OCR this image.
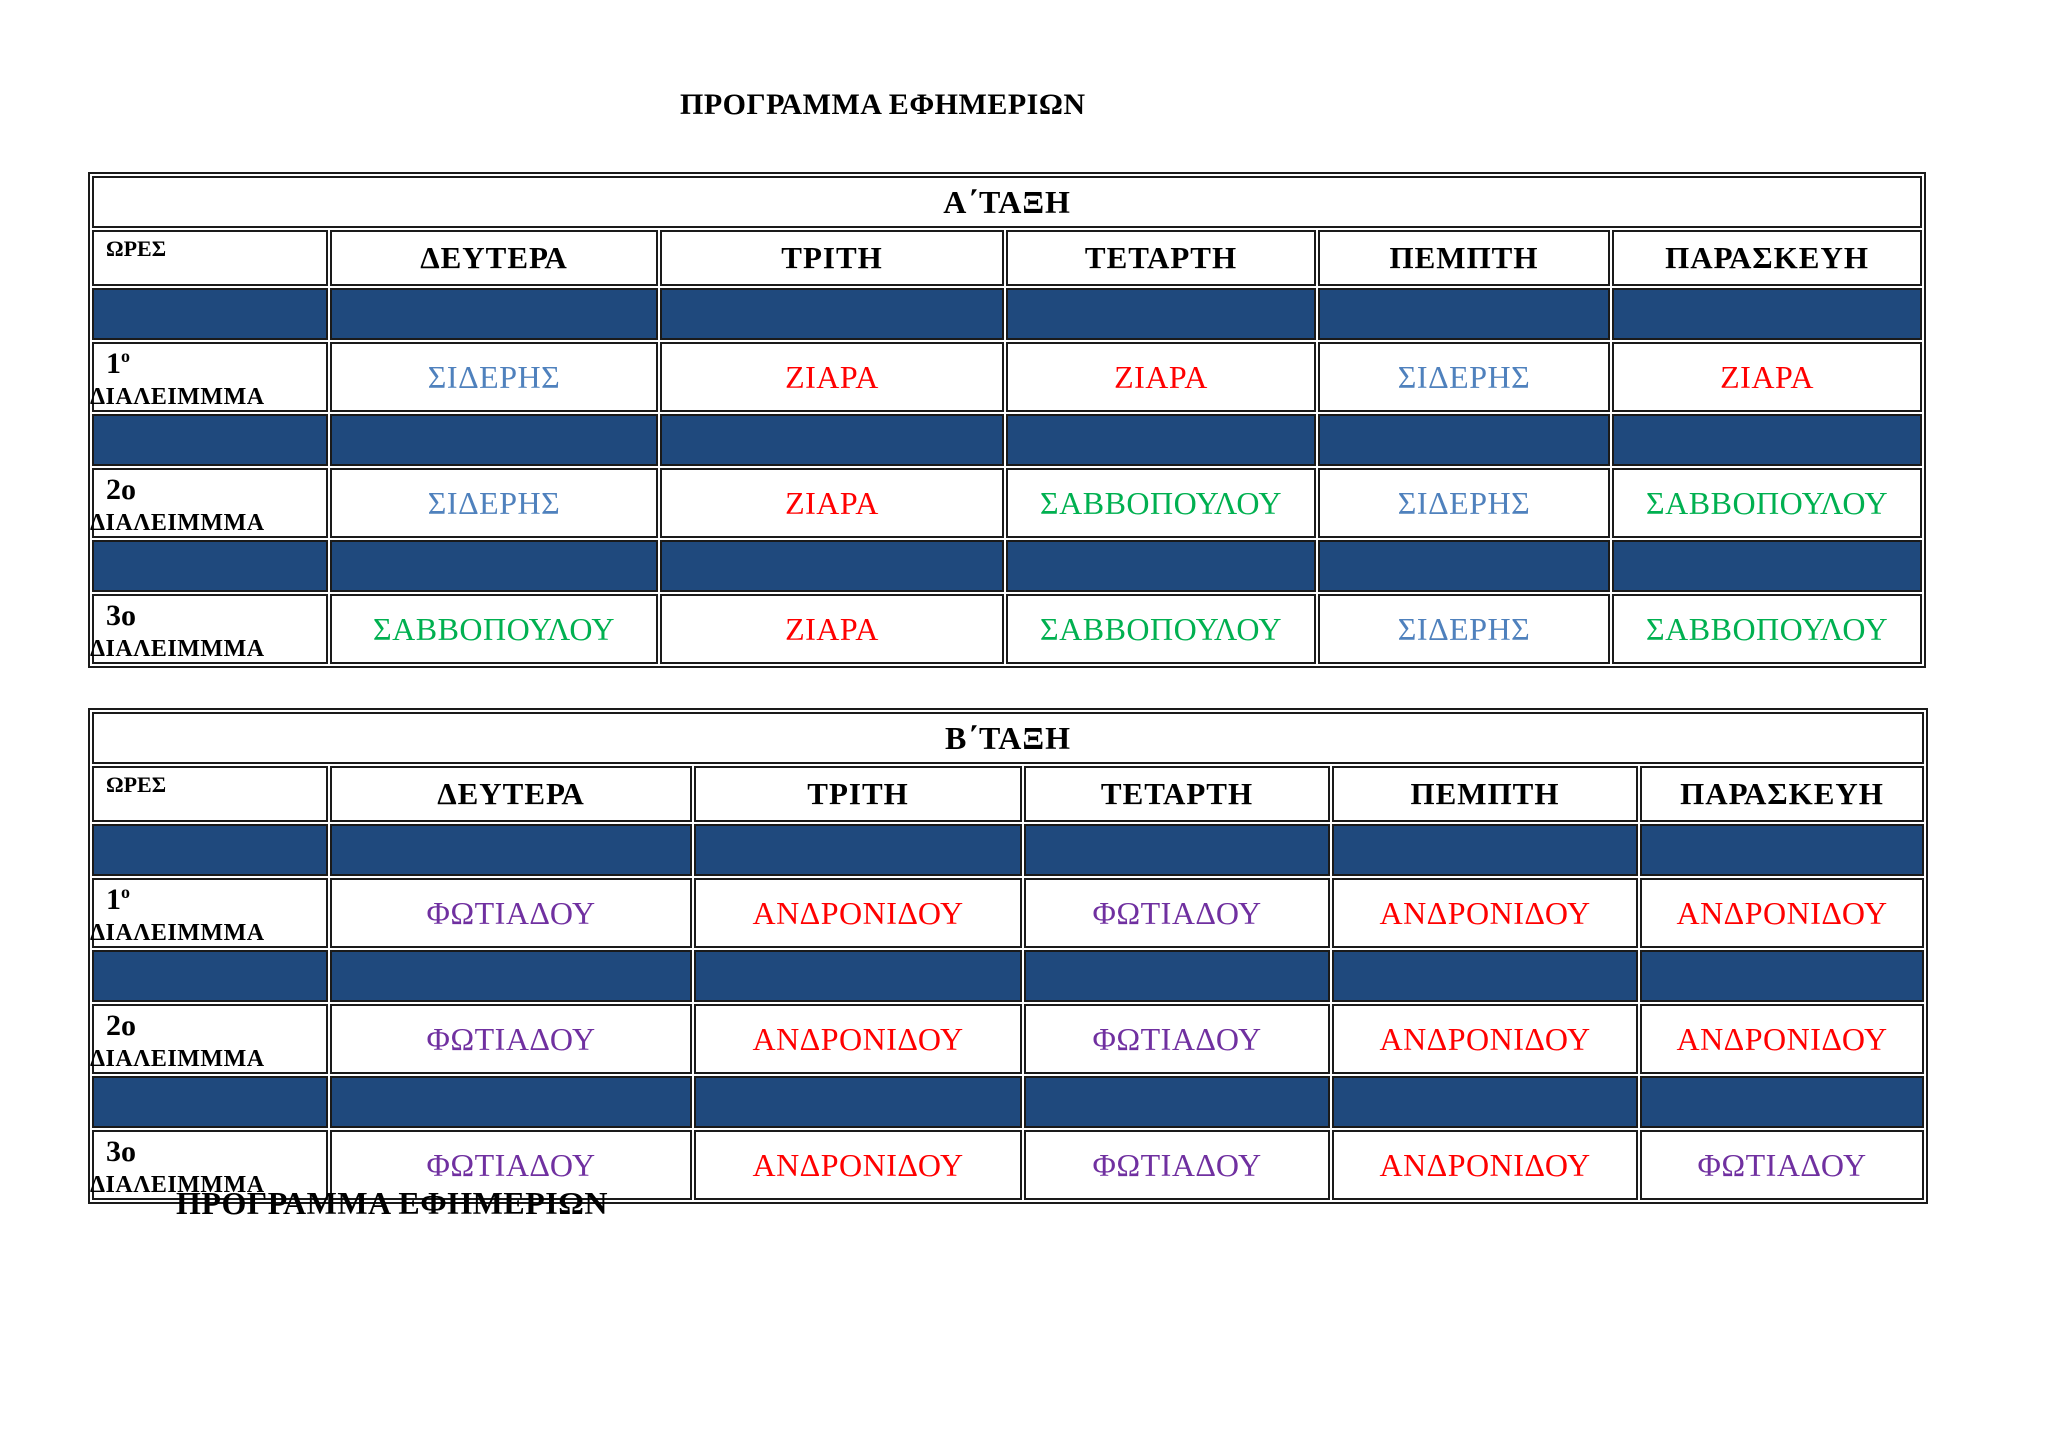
ΠΡΟΓΡΑΜΜΑ ΕΦΗΜΕΡΙΩΝ
Α΄ΤΑΞΗ					
ΩΡΕΣ	ΔΕΥΤΕΡΑ	ΤΡΙΤΗ	ΤΕΤΑΡΤΗ	ΠΕΜΠΤΗ	ΠΑΡΑΣΚΕΥΗ

$1^o$
ΔΙΑΛΕΙΜΜΜΑ	ΣΙΔΕΡΗΣ	ΖΙΑΡΑ	ΖΙΑΡΑ	ΣΙΔΕΡΗΣ	ΖΙΑΡΑ

2ο
ΔΙΑΛΕΙΜΜΜΑ	ΣΙΔΕΡΗΣ	ΖΙΑΡΑ	ΣΑΒΒΟΠΟΥΛΟΥ	ΣΙΔΕΡΗΣ	ΣΑΒΒΟΠΟΥΛΟΥ

3ο
ΔΙΑΛΕΙΜΜΜΑ	ΣΑΒΒΟΠΟΥΛΟΥ	ΖΙΑΡΑ	ΣΑΒΒΟΠΟΥΛΟΥ	ΣΙΔΕΡΗΣ	ΣΑΒΒΟΠΟΥΛΟΥ
Β΄ΤΑΞΗ					
ΩΡΕΣ	ΔΕΥΤΕΡΑ	ΤΡΙΤΗ	ΤΕΤΑΡΤΗ	ΠΕΜΠΤΗ	ΠΑΡΑΣΚΕΥΗ

$1^o$
ΔΙΑΛΕΙΜΜΜΑ	ΦΩΤΙΑΔΟΥ	ΑΝΔΡΟΝΙΔΟΥ	ΦΩΤΙΑΔΟΥ	ΑΝΔΡΟΝΙΔΟΥ	ΑΝΔΡΟΝΙΔΟΥ

2ο
ΔΙΑΛΕΙΜΜΜΑ	ΦΩΤΙΑΔΟΥ	ΑΝΔΡΟΝΙΔΟΥ	ΦΩΤΙΑΔΟΥ	ΑΝΔΡΟΝΙΔΟΥ	ΑΝΔΡΟΝΙΔΟΥ

3ο
ΔΙΑΛΕΙΜΜΜΑ	ΦΩΤΙΑΔΟΥ	ΑΝΔΡΟΝΙΔΟΥ	ΦΩΤΙΑΔΟΥ	ΑΝΔΡΟΝΙΔΟΥ	ΦΩΤΙΑΔΟΥ
ΠΡΟΓΡΑΜΜΑ ΕΦΗΜΕΡΙΩΝ
